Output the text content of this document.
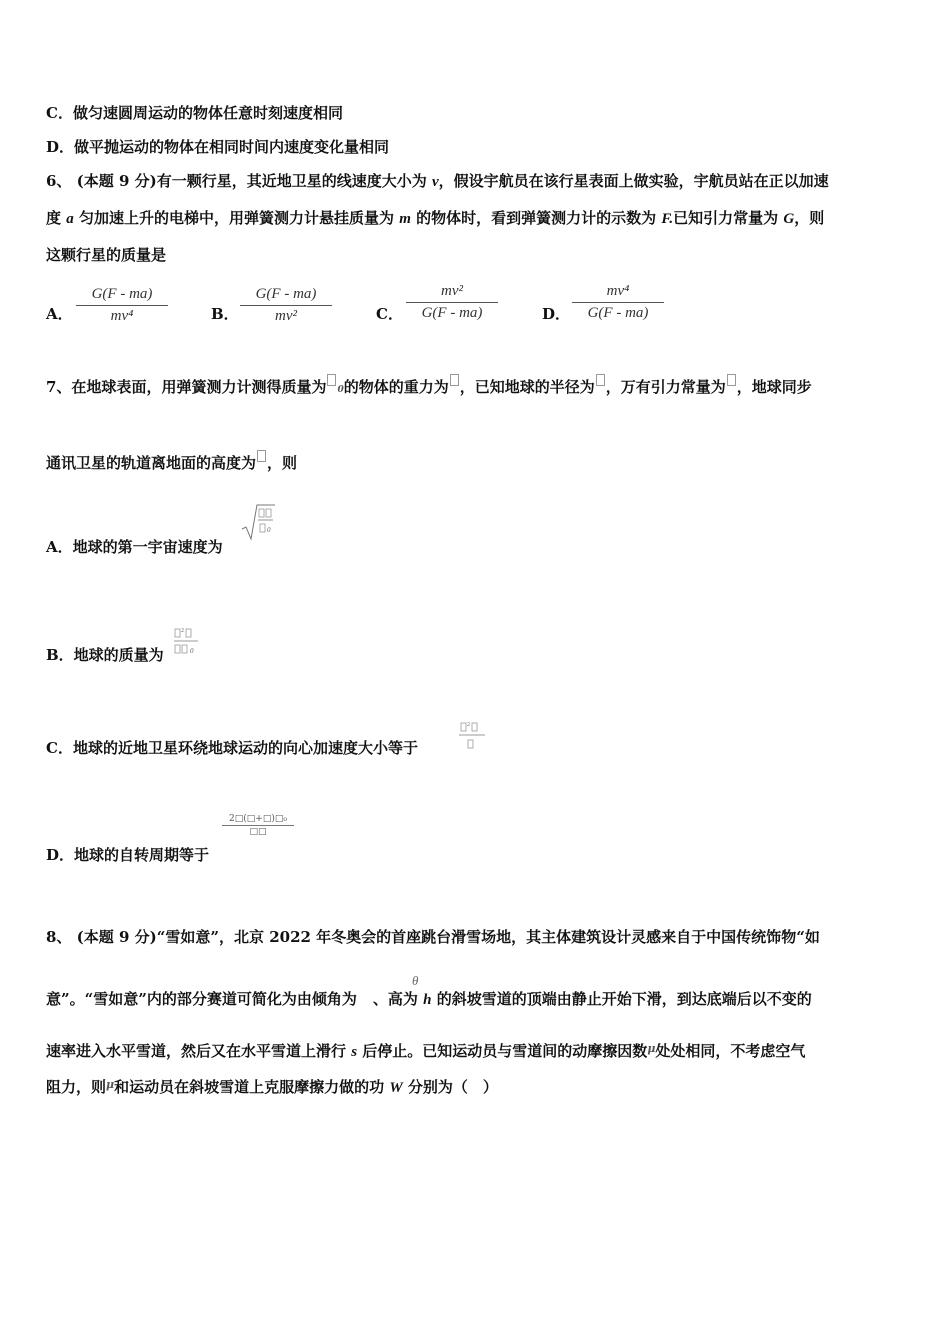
C．做匀速圆周运动的物体任意时刻速度相同
D．做平抛运动的物体在相同时间内速度变化量相同
6、 (本题 9 分)有一颗行星，其近地卫星的线速度大小为 v，假设宇航员在该行星表面上做实验，宇航员站在正以加速
度 a 匀加速上升的电梯中，用弹簧测力计悬挂质量为 m 的物体时，看到弹簧测力计的示数为 F.已知引力常量为 G，则
这颗行星的质量是
A． $\frac{G(F - ma)}{\text{mv⁴}}$	B． $\frac{G(F - ma)}{\text{mv²}}$	C． $\frac{\text{mv²}}{G(F - ma)}$	D． $\frac{\text{mv⁴}}{G(F - ma)}$
7、在地球表面，用弹簧测力计测得质量为 0的物体的重力为 ，已知地球的半径为 ，万有引力常量为 ，地球同步
通讯卫星的轨道离地面的高度为 ，则
A．地球的第一宇宙速度为
0
B．地球的质量为
2
0
C．地球的近地卫星环绕地球运动的向心加速度大小等于
2
D．地球的自转周期等于
2□(□+□)□₀
□□
8、 (本题 9 分)“雪如意”，北京 2022 年冬奥会的首座跳台滑雪场地，其主体建筑设计灵感来自于中国传统饰物“如
意”。“雪如意”内的部分赛道可简化为由倾角为 、高为 h 的斜坡雪道的顶端由静止开始下滑，到达底端后以不变的
θ
速率进入水平雪道，然后又在水平雪道上滑行 s 后停止。已知运动员与雪道间的动摩擦因数$^\mu$处处相同，不考虑空气
阻力，则$^\mu$和运动员在斜坡雪道上克服摩擦力做的功 W 分别为（　）
